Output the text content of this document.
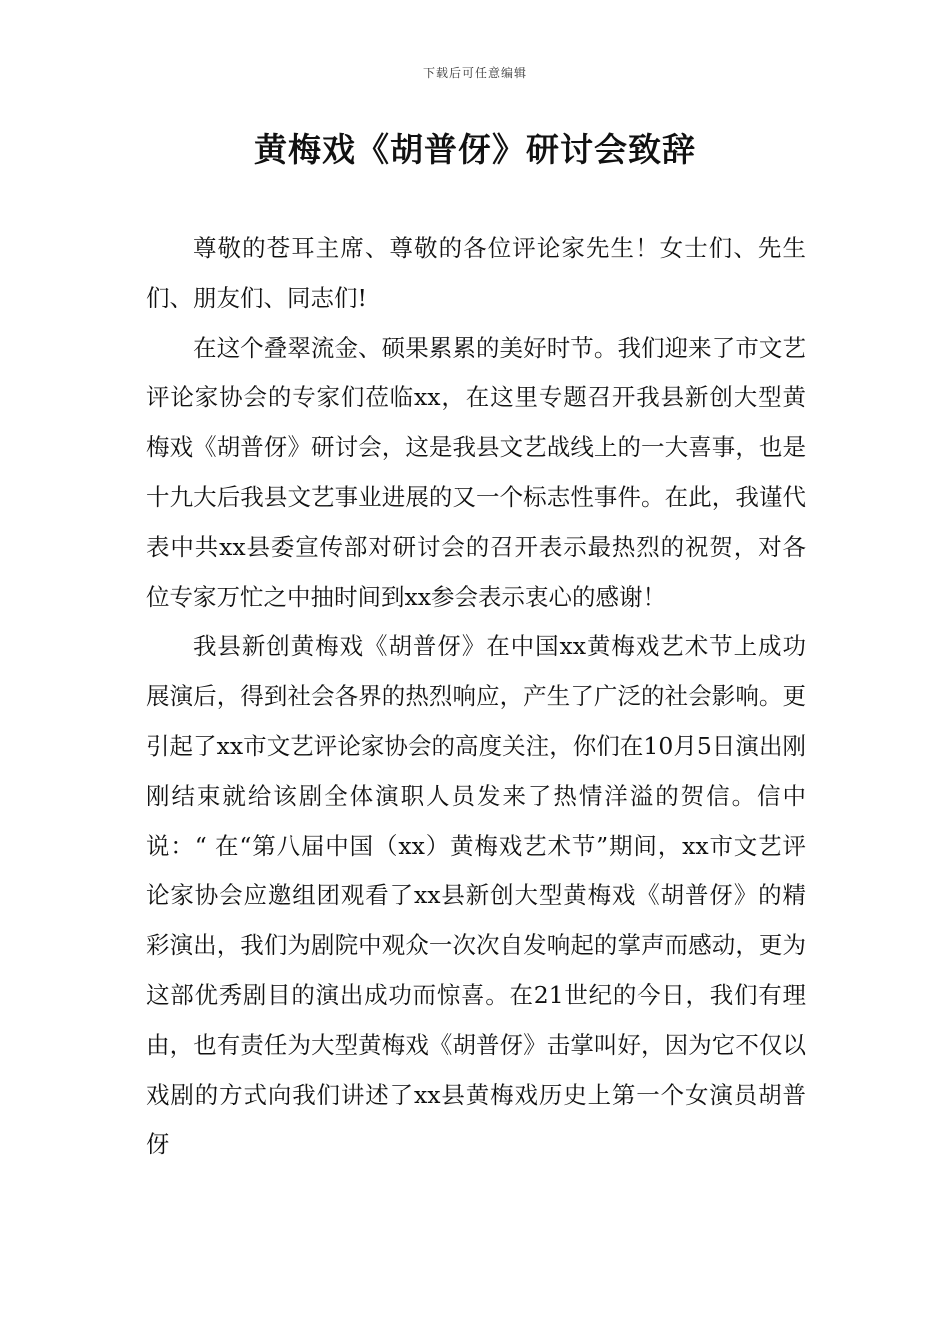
下载后可任意编辑
黄梅戏《胡普伢》研讨会致辞

尊敬的苍耳主席、尊敬的各位评论家先生！女士们、先生们、朋友们、同志们!

在这个叠翠流金、硕果累累的美好时节。我们迎来了市文艺评论家协会的专家们莅临xx，在这里专题召开我县新创大型黄梅戏《胡普伢》研讨会，这是我县文艺战线上的一大喜事，也是十九大后我县文艺事业进展的又一个标志性事件。在此，我谨代表中共xx县委宣传部对研讨会的召开表示最热烈的祝贺，对各位专家万忙之中抽时间到xx参会表示衷心的感谢！

我县新创黄梅戏《胡普伢》在中国xx黄梅戏艺术节上成功展演后，得到社会各界的热烈响应，产生了广泛的社会影响。更引起了xx市文艺评论家协会的高度关注，你们在10月5日演出刚刚结束就给该剧全体演职人员发来了热情洋溢的贺信。信中说：“ 在“第八届中国（xx）黄梅戏艺术节”期间，xx市文艺评论家协会应邀组团观看了xx县新创大型黄梅戏《胡普伢》的精彩演出，我们为剧院中观众一次次自发响起的掌声而感动，更为这部优秀剧目的演出成功而惊喜。在21世纪的今日，我们有理由，也有责任为大型黄梅戏《胡普伢》击掌叫好，因为它不仅以戏剧的方式向我们讲述了xx县黄梅戏历史上第一个女演员胡普伢
